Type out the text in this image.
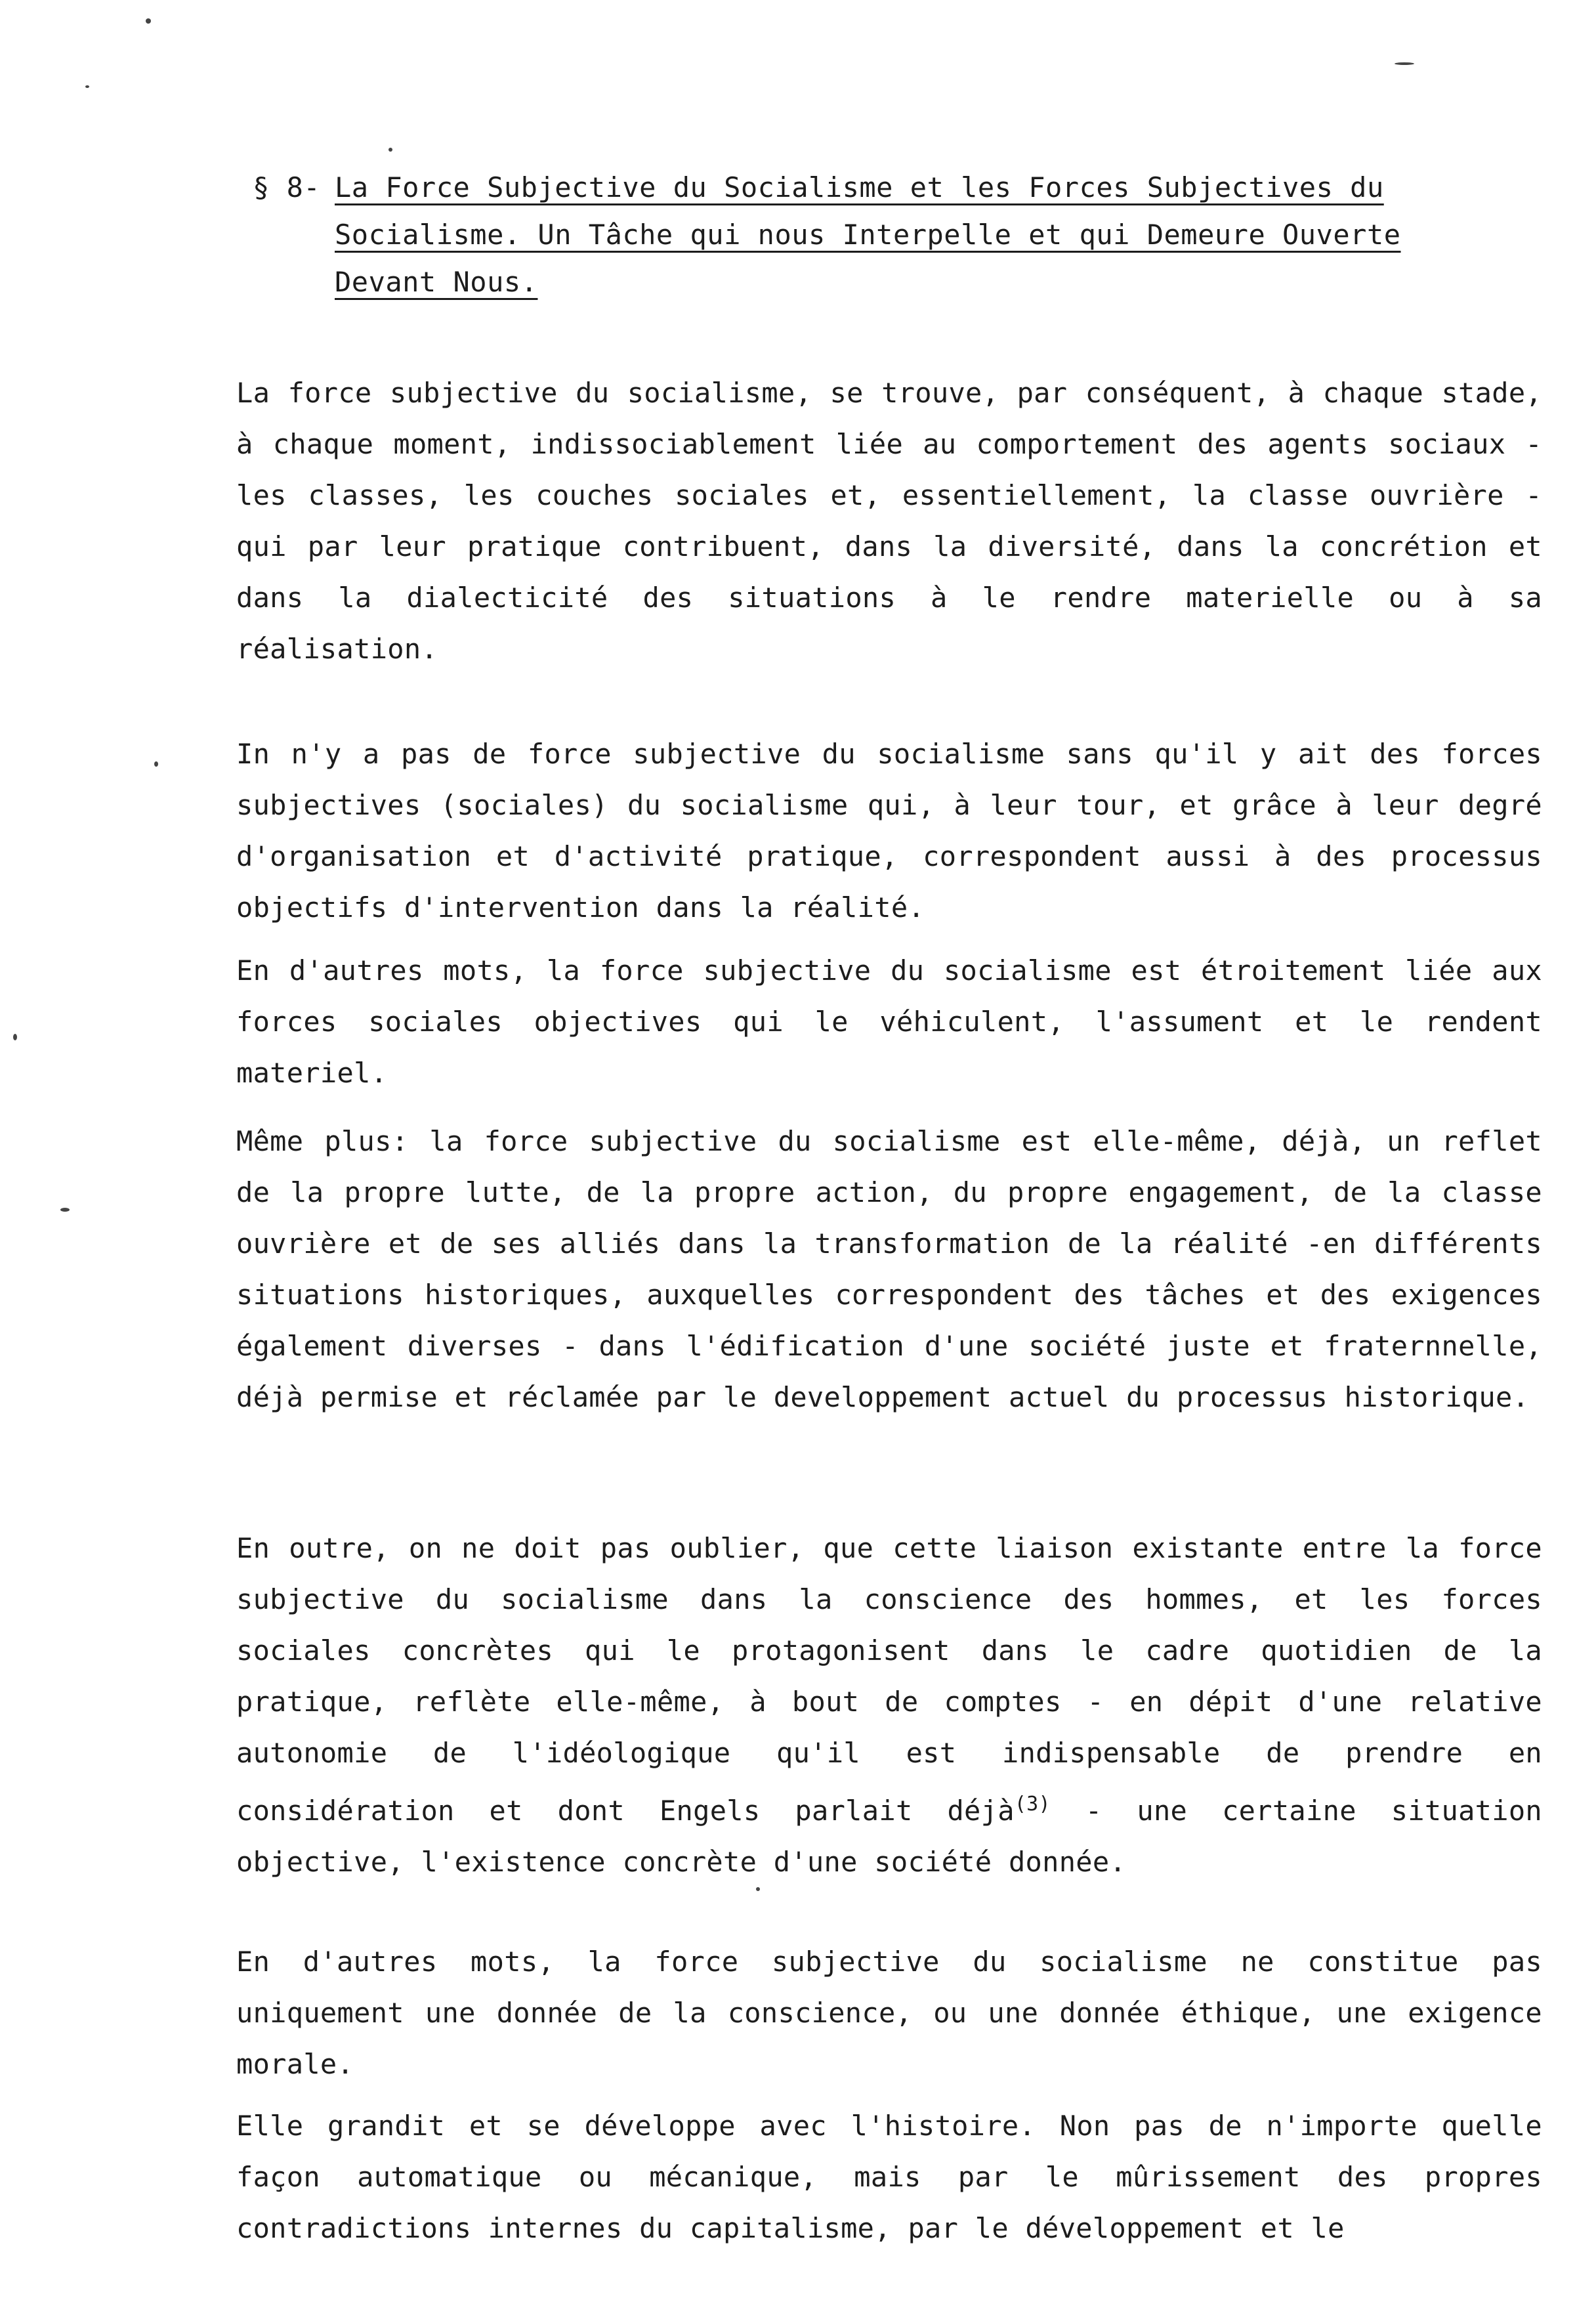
§ 8- La Force Subjective du Socialisme et les Forces Subjectives du Socialisme. Un Tâche qui nous Interpelle et qui Demeure Ouverte Devant Nous.

La force subjective du socialisme, se trouve, par conséquent, à chaque stade, à chaque moment, indissociablement liée au comportement des agents sociaux - les classes, les couches sociales et, essentiellement, la classe ouvrière - qui par leur pratique contribuent, dans la diversité, dans la concrétion et dans la dialecticité des situations à le rendre materielle ou à sa réalisation.

In n'y a pas de force subjective du socialisme sans qu'il y ait des forces subjectives (sociales) du socialisme qui, à leur tour, et grâce à leur degré d'organisation et d'activité pratique, correspondent aussi à des processus objectifs d'intervention dans la réalité.

En d'autres mots, la force subjective du socialisme est étroitement liée aux forces sociales objectives qui le véhiculent, l'assument et le rendent materiel.

Même plus: la force subjective du socialisme est elle-même, déjà, un reflet de la propre lutte, de la propre action, du propre engagement, de la classe ouvrière et de ses alliés dans la transformation de la réalité -en différents situations historiques, auxquelles correspondent des tâches et des exigences également diverses - dans l'édification d'une société juste et fraternnelle, déjà permise et réclamée par le developpement actuel du processus historique.

En outre, on ne doit pas oublier, que cette liaison existante entre la force subjective du socialisme dans la conscience des hommes, et les forces sociales concrètes qui le protagonisent dans le cadre quotidien de la pratique, reflète elle-même, à bout de comptes - en dépit d'une relative autonomie de l'idéologique qu'il est indispensable de prendre en considération et dont Engels parlait déjà$^{(3)}$ - une certaine situation objective, l'existence concrète d'une société donnée.

En d'autres mots, la force subjective du socialisme ne constitue pas uniquement une donnée de la conscience, ou une donnée éthique, une exigence morale.

Elle grandit et se développe avec l'histoire. Non pas de n'importe quelle façon automatique ou mécanique, mais par le mûrissement des propres contradictions internes du capitalisme, par le développement et le
